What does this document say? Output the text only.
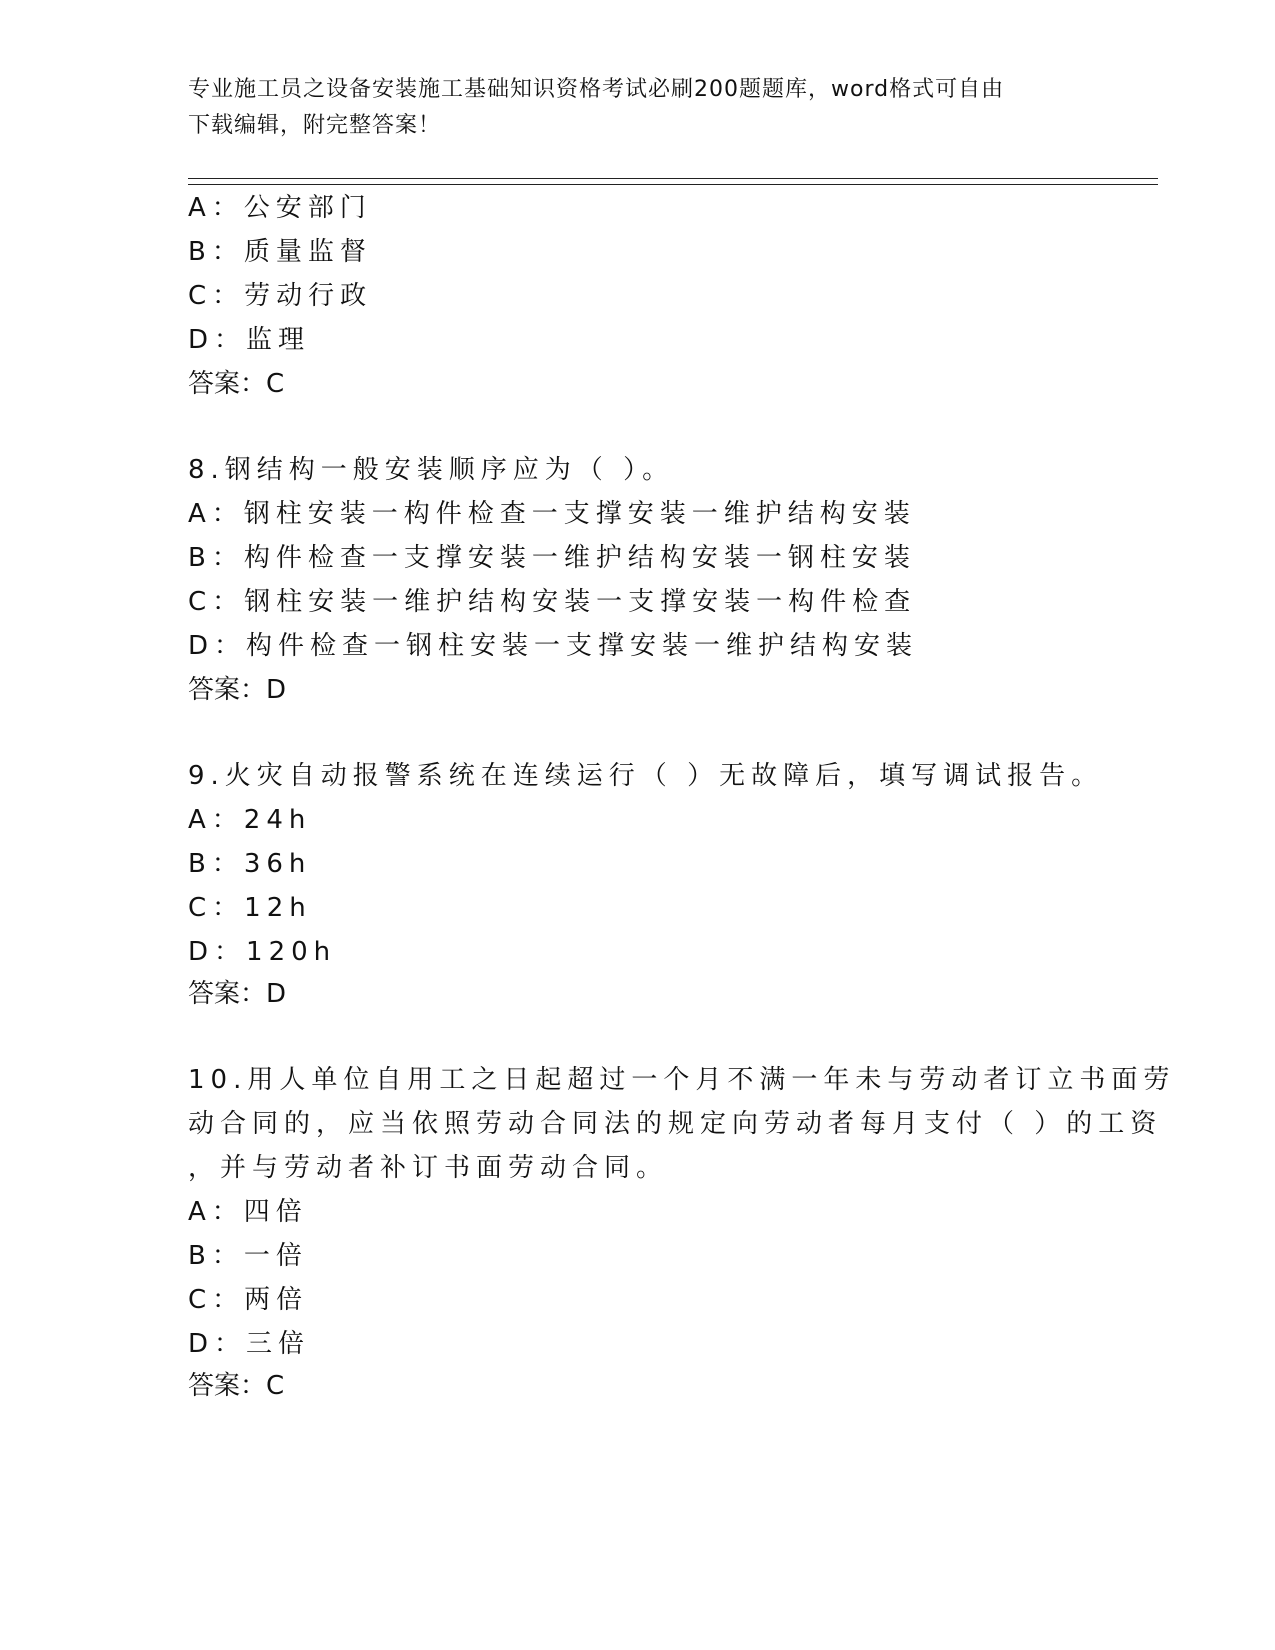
专业施工员之设备安装施工基础知识资格考试必刷200题题库，word格式可自由
下载编辑，附完整答案！
A：公安部门
B：质量监督
C：劳动行政
D：监理
答案：C
8.钢结构一般安装顺序应为（ ）。
A：钢柱安装一构件检查一支撑安装一维护结构安装
B：构件检查一支撑安装一维护结构安装一钢柱安装
C：钢柱安装一维护结构安装一支撑安装一构件检查
D：构件检查一钢柱安装一支撑安装一维护结构安装
答案：D
9.火灾自动报警系统在连续运行（ ）无故障后，填写调试报告。
A：24h
B：36h
C：12h
D：120h
答案：D
10.用人单位自用工之日起超过一个月不满一年未与劳动者订立书面劳
动合同的，应当依照劳动合同法的规定向劳动者每月支付（ ）的工资
，并与劳动者补订书面劳动合同。
A：四倍
B：一倍
C：两倍
D：三倍
答案：C
